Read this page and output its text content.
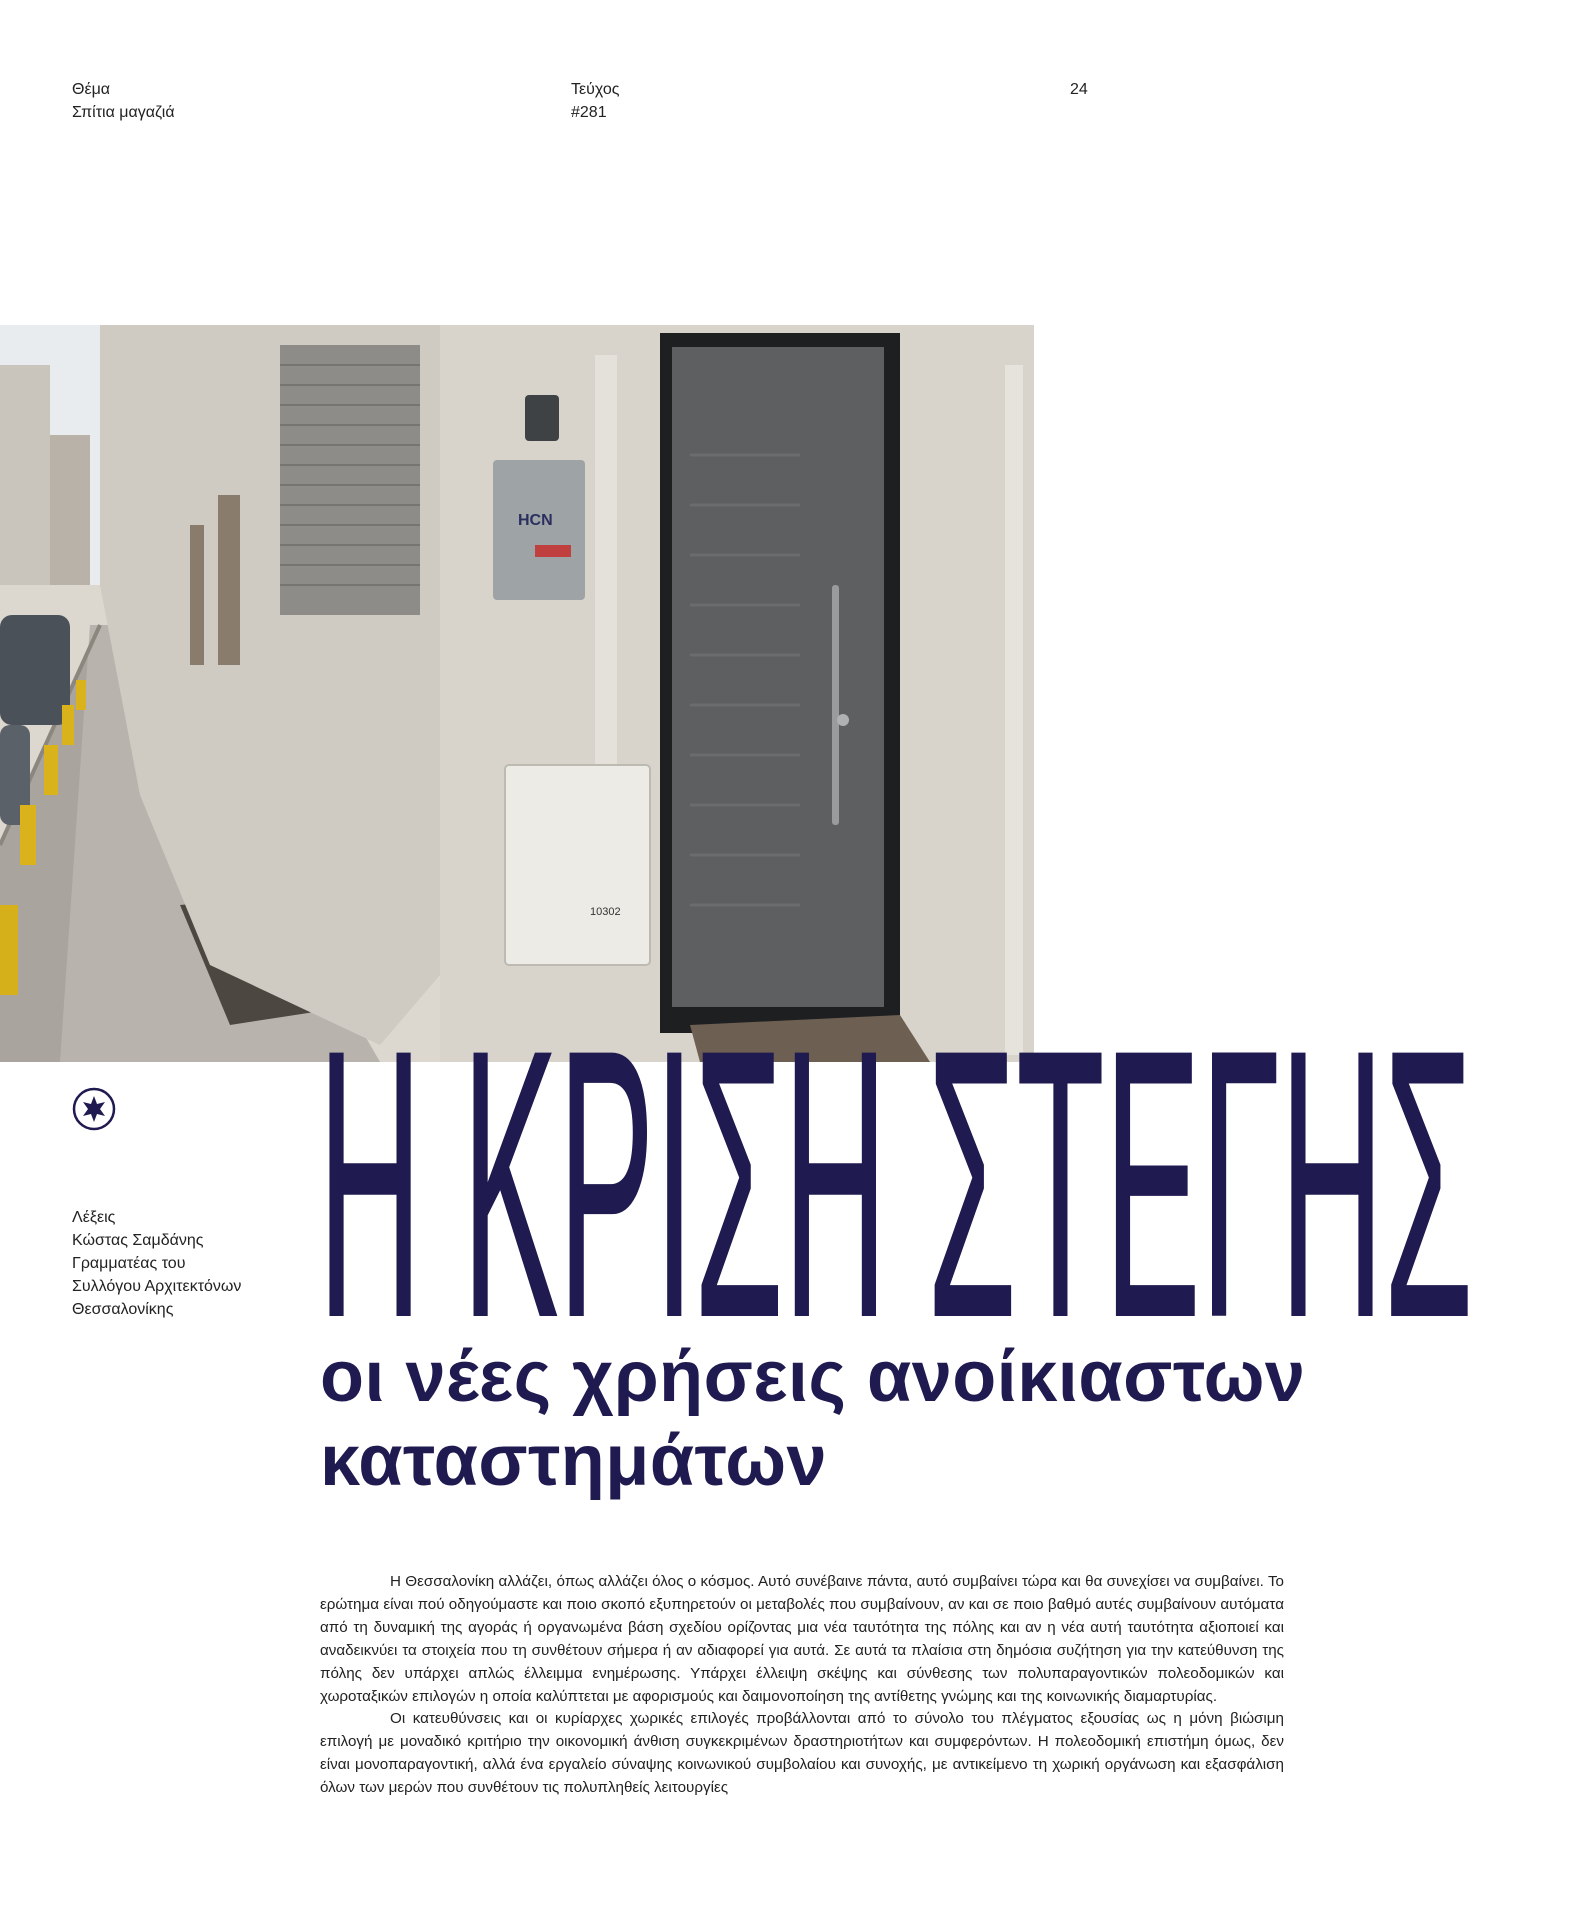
Θέμα
Σπίτια μαγαζιά
Τεύχος
#281
24
HCN
10302
Λέξεις
Κώστας Σαμδάνης
Γραμματέας του
Συλλόγου Αρχιτεκτόνων
Θεσσαλονίκης Η ΚΡΙΣΗ ΣΤΕΓΗΣ
οι νέες χρήσεις ανοίκιαστων
καταστημάτων

Η Θεσσαλονίκη αλλάζει, όπως αλλάζει όλος ο κόσμος. Αυτό συνέβαινε πάντα, αυτό συμβαίνει τώρα και θα συνεχίσει να συμβαίνει. Το ερώτημα είναι πού οδηγούμαστε και ποιο σκοπό εξυπηρετούν οι μεταβολές που συμβαίνουν, αν και σε ποιο βαθμό αυτές συμβαίνουν αυτόματα από τη δυναμική της αγοράς ή οργανωμένα βάση σχεδίου ορίζοντας μια νέα ταυτότητα της πόλης και αν η νέα αυτή ταυτότητα αξιοποιεί και αναδεικνύει τα στοιχεία που τη συνθέτουν σήμερα ή αν αδιαφορεί για αυτά. Σε αυτά τα πλαίσια στη δημόσια συζήτηση για την κατεύθυνση της πόλης δεν υπάρχει απλώς έλλειμμα ενημέρωσης. Υπάρχει έλλειψη σκέψης και σύνθεσης των πολυπαραγοντικών πολεοδομικών και χωροταξικών επιλογών η οποία καλύπτεται με αφορισμούς και δαιμονοποίηση της αντίθετης γνώμης και της κοινωνικής διαμαρτυρίας.

Οι κατευθύνσεις και οι κυρίαρχες χωρικές επιλογές προβάλλονται από το σύνολο του πλέγματος εξουσίας ως η μόνη βιώσιμη επιλογή με μοναδικό κριτήριο την οικονομική άνθιση συγκεκριμένων δραστηριοτήτων και συμφερόντων. Η πολεοδομική επιστήμη όμως, δεν είναι μονοπαραγοντική, αλλά ένα εργαλείο σύναψης κοινωνικού συμβολαίου και συνοχής, με αντικείμενο τη χωρική οργάνωση και εξασφάλιση όλων των μερών που συνθέτουν τις πολυπληθείς λειτουργίες
